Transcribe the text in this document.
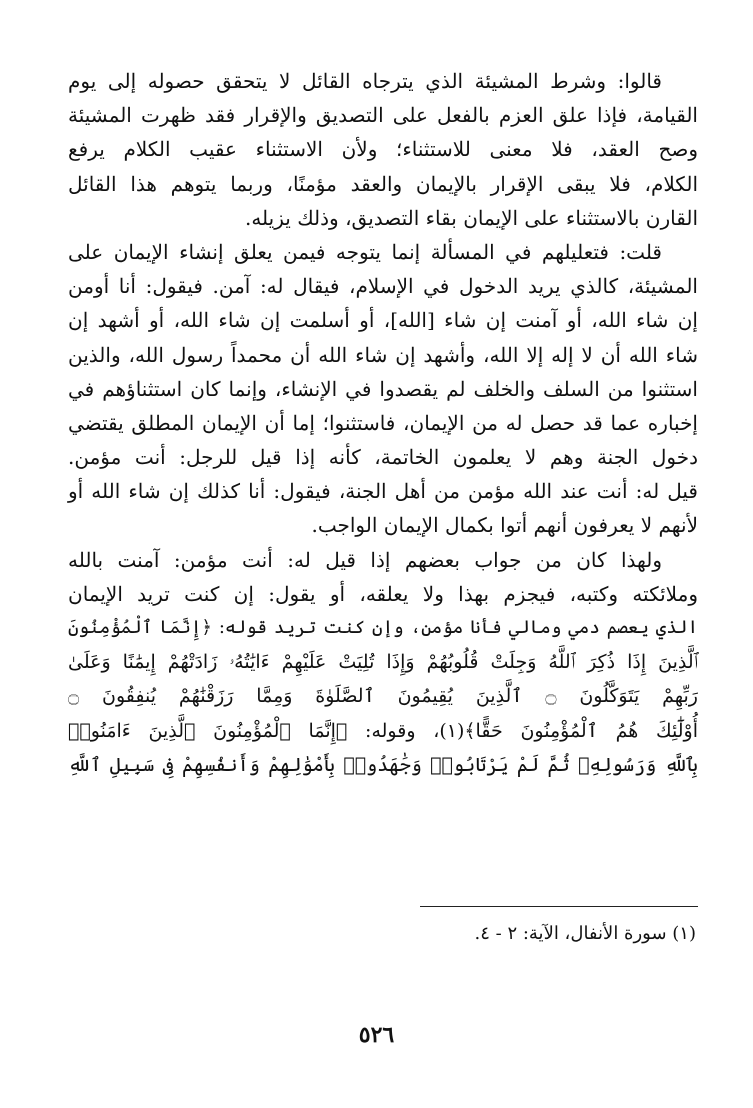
قالوا: وشرط المشيئة الذي يترجاه القائل لا يتحقق حصوله إلى يوم
القيامة، فإذا علق العزم بالفعل على التصديق والإقرار فقد ظهرت المشيئة
وصح العقد، فلا معنى للاستثناء؛ ولأن الاستثناء عقيب الكلام يرفع
الكلام، فلا يبقى الإقرار بالإيمان والعقد مؤمنًا، وربما يتوهم هذا القائل
القارن بالاستثناء على الإيمان بقاء التصديق، وذلك يزيله.
قلت: فتعليلهم في المسألة إنما يتوجه فيمن يعلق إنشاء الإيمان على
المشيئة، كالذي يريد الدخول في الإسلام، فيقال له: آمن. فيقول: أنا أومن
إن شاء الله، أو آمنت إن شاء [الله]، أو أسلمت إن شاء الله، أو أشهد إن
شاء الله أن لا إله إلا الله، وأشهد إن شاء الله أن محمداً رسول الله، والذين
استثنوا من السلف والخلف لم يقصدوا في الإنشاء، وإنما كان استثناؤهم في
إخباره عما قد حصل له من الإيمان، فاستثنوا؛ إما أن الإيمان المطلق يقتضي
دخول الجنة وهم لا يعلمون الخاتمة، كأنه إذا قيل للرجل: أنت مؤمن.
قيل له: أنت عند الله مؤمن من أهل الجنة، فيقول: أنا كذلك إن شاء الله أو
لأنهم لا يعرفون أنهم أتوا بكمال الإيمان الواجب.
ولهذا كان من جواب بعضهم إذا قيل له: أنت مؤمن: آمنت بالله
وملائكته وكتبه، فيجزم بهذا ولا يعلقه، أو يقول: إن كنت تريد الإيمان
الذي يعصم دمي ومالي فأنا مؤمن، وإن كنت تريد قوله: ﴿إِنَّمَا ٱلْمُؤْمِنُونَ
ٱلَّذِينَ إِذَا ذُكِرَ ٱللَّهُ وَجِلَتْ قُلُوبُهُمْ وَإِذَا تُلِيَتْ عَلَيْهِمْ ءَايَٰتُهُۥ زَادَتْهُمْ إِيمَٰنًا وَعَلَىٰ
رَبِّهِمْ يَتَوَكَّلُونَ ۝ ٱلَّذِينَ يُقِيمُونَ ٱلصَّلَوٰةَ وَمِمَّا رَزَقْنَٰهُمْ يُنفِقُونَ ۝
أُوْلَٰٓئِكَ هُمُ ٱلْمُؤْمِنُونَ حَقًّا﴾(١)، وقوله: ﴿إِنَّمَا ٱلْمُؤْمِنُونَ ٱلَّذِينَ ءَامَنُوا۟
بِٱللَّهِ وَرَسُولِهِۦ ثُمَّ لَمْ يَرْتَابُوا۟ وَجَٰهَدُوا۟ بِأَمْوَٰلِهِمْ وَأَنفُسِهِمْ فِى سَبِيلِ ٱللَّهِ
(١) سورة الأنفال، الآية: ٢ - ٤.
٥٢٦
